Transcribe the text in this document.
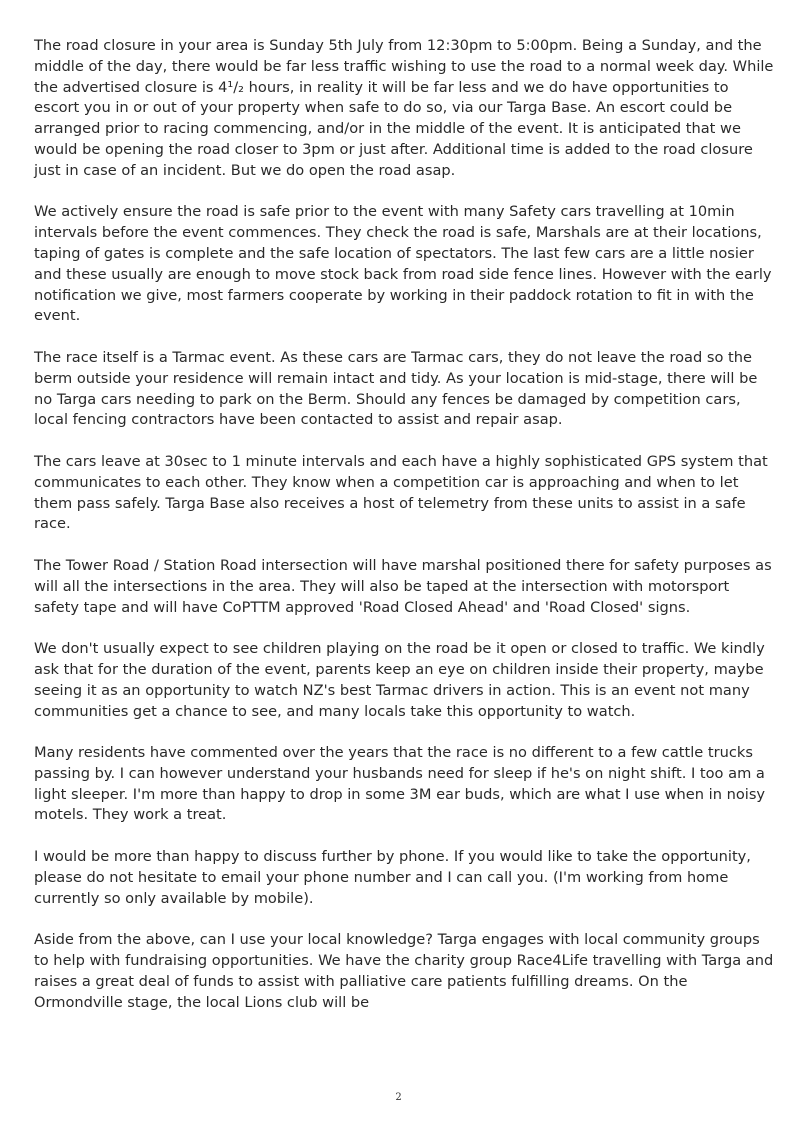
The road closure in your area is Sunday 5th July from 12:30pm to 5:00pm. Being a Sunday, and the middle of the day, there would be far less traffic wishing to use the road to a normal week day. While the advertised closure is 4¹/₂ hours, in reality it will be far less and we do have opportunities to escort you in or out of your property when safe to do so, via our Targa Base. An escort could be arranged prior to racing commencing, and/or in the middle of the event. It is anticipated that we would be opening the road closer to 3pm or just after. Additional time is added to the road closure just in case of an incident. But we do open the road asap.

We actively ensure the road is safe prior to the event with many Safety cars travelling at 10min intervals before the event commences. They check the road is safe, Marshals are at their locations, taping of gates is complete and the safe location of spectators. The last few cars are a little nosier and these usually are enough to move stock back from road side fence lines. However with the early notification we give, most farmers cooperate by working in their paddock rotation to fit in with the event.

The race itself is a Tarmac event. As these cars are Tarmac cars, they do not leave the road so the berm outside your residence will remain intact and tidy. As your location is mid-stage, there will be no Targa cars needing to park on the Berm. Should any fences be damaged by competition cars, local fencing contractors have been contacted to assist and repair asap.

The cars leave at 30sec to 1 minute intervals and each have a highly sophisticated GPS system that communicates to each other. They know when a competition car is approaching and when to let them pass safely. Targa Base also receives a host of telemetry from these units to assist in a safe race.

The Tower Road / Station Road intersection will have marshal positioned there for safety purposes as will all the intersections in the area. They will also be taped at the intersection with motorsport safety tape and will have CoPTTM approved 'Road Closed Ahead' and 'Road Closed' signs.

We don't usually expect to see children playing on the road be it open or closed to traffic. We kindly ask that for the duration of the event, parents keep an eye on children inside their property, maybe seeing it as an opportunity to watch NZ's best Tarmac drivers in action. This is an event not many communities get a chance to see, and many locals take this opportunity to watch.

Many residents have commented over the years that the race is no different to a few cattle trucks passing by. I can however understand your husbands need for sleep if he's on night shift. I too am a light sleeper. I'm more than happy to drop in some 3M ear buds, which are what I use when in noisy motels. They work a treat.

I would be more than happy to discuss further by phone. If you would like to take the opportunity, please do not hesitate to email your phone number and I can call you. (I'm working from home currently so only available by mobile).

Aside from the above, can I use your local knowledge? Targa engages with local community groups to help with fundraising opportunities. We have the charity group Race4Life travelling with Targa and raises a great deal of funds to assist with palliative care patients fulfilling dreams. On the Ormondville stage, the local Lions club will be

2
